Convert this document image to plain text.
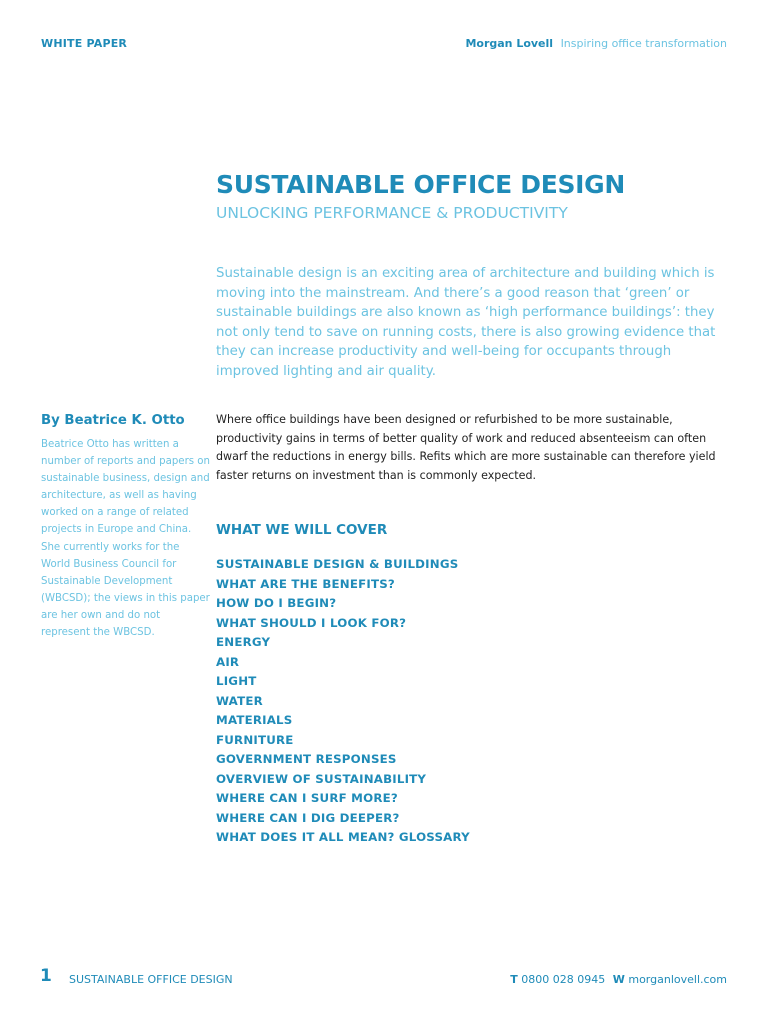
WHITE PAPER	Morgan Lovell Inspiring office transformation
SUSTAINABLE OFFICE DESIGN
UNLOCKING PERFORMANCE & PRODUCTIVITY
Sustainable design is an exciting area of architecture and building which is moving into the mainstream. And there’s a good reason that ‘green’ or sustainable buildings are also known as ‘high performance buildings’: they not only tend to save on running costs, there is also growing evidence that they can increase productivity and well-being for occupants through improved lighting and air quality.
By Beatrice K. Otto
Beatrice Otto has written a number of reports and papers on sustainable business, design and architecture, as well as having worked on a range of related projects in Europe and China. She currently works for the World Business Council for Sustainable Development (WBCSD); the views in this paper are her own and do not represent the WBCSD.
Where office buildings have been designed or refurbished to be more sustainable, productivity gains in terms of better quality of work and reduced absenteeism can often dwarf the reductions in energy bills. Refits which are more sustainable can therefore yield faster returns on investment than is commonly expected.
WHAT WE WILL COVER
SUSTAINABLE DESIGN & BUILDINGS
WHAT ARE THE BENEFITS?
HOW DO I BEGIN?
WHAT SHOULD I LOOK FOR?
ENERGY
AIR
LIGHT
WATER
MATERIALS
FURNITURE
GOVERNMENT RESPONSES
OVERVIEW OF SUSTAINABILITY
WHERE CAN I SURF MORE?
WHERE CAN I DIG DEEPER?
WHAT DOES IT ALL MEAN? GLOSSARY
1 SUSTAINABLE OFFICE DESIGN	T 0800 028 0945 W morganlovell.com
